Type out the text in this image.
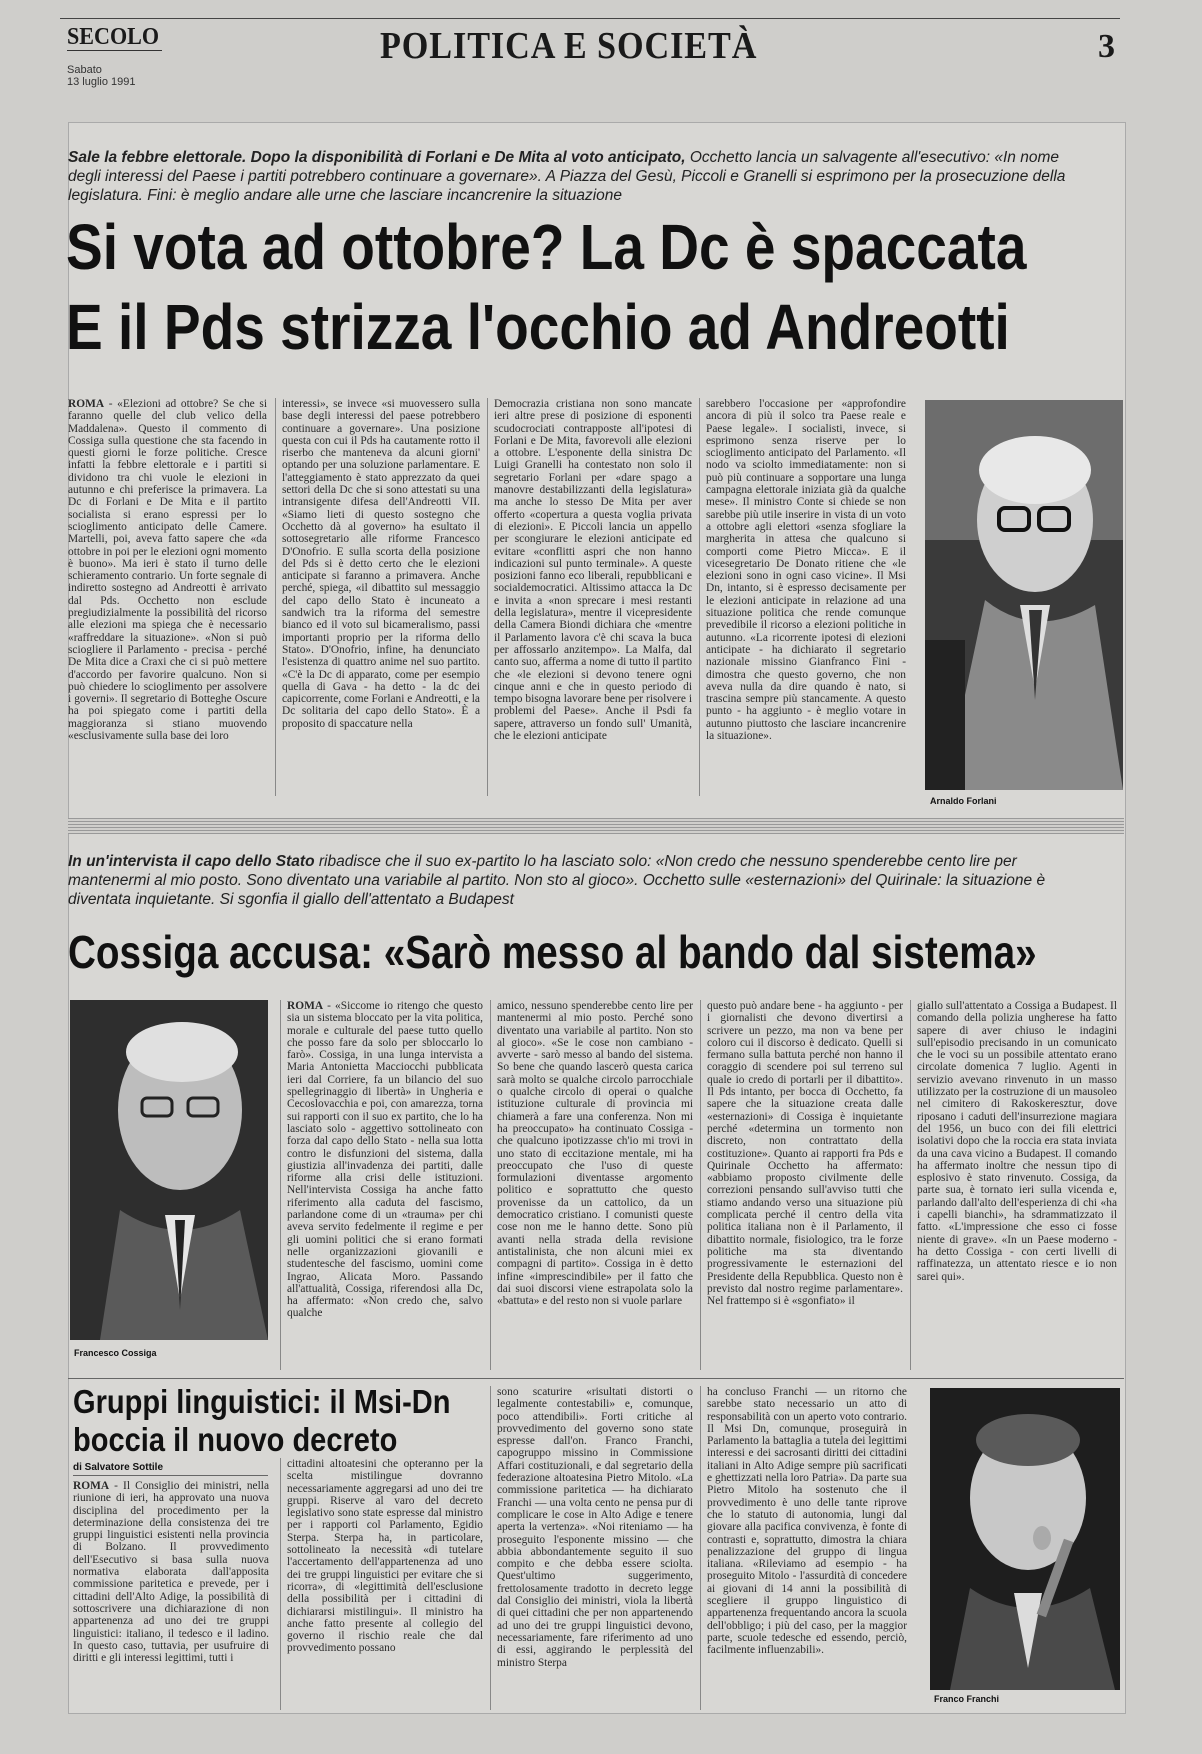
SECOLO
Sabato
13 luglio 1991
POLITICA E SOCIETÀ	3
Sale la febbre elettorale. Dopo la disponibilità di Forlani e De Mita al voto anticipato, Occhetto lancia un salvagente all'esecutivo: «In nome degli interessi del Paese i partiti potrebbero continuare a governare». A Piazza del Gesù, Piccoli e Granelli si esprimono per la prosecuzione della legislatura. Fini: è meglio andare alle urne che lasciare incancrenire la situazione
Si vota ad ottobre? La Dc è spaccata
E il Pds strizza l'occhio ad Andreotti
ROMA - «Elezioni ad ottobre? Se che si faranno quelle del club velico della Maddalena». Questo il commento di Cossiga sulla questione che sta facendo in questi giorni le forze politiche. Cresce infatti la febbre elettorale e i partiti si dividono tra chi vuole le elezioni in autunno e chi preferisce la primavera. La Dc di Forlani e De Mita e il partito socialista si erano espressi per lo scioglimento anticipato delle Camere. Martelli, poi, aveva fatto sapere che «da ottobre in poi per le elezioni ogni momento è buono». Ma ieri è stato il turno delle schieramento contrario. Un forte segnale di indiretto sostegno ad Andreotti è arrivato dal Pds. Occhetto non esclude pregiudizialmente la possibilità del ricorso alle elezioni ma spiega che è necessario «raffreddare la situazione». «Non si può sciogliere il Parlamento - precisa - perché De Mita dice a Craxi che ci si può mettere d'accordo per favorire qualcuno. Non si può chiedere lo scioglimento per assolvere i governi». Il segretario di Botteghe Oscure ha poi spiegato come i partiti della maggioranza si stiano muovendo «esclusivamente sulla base dei loro
interessi», se invece «si muovessero sulla base degli interessi del paese potrebbero continuare a governare». Una posizione questa con cui il Pds ha cautamente rotto il riserbo che manteneva da alcuni giorni' optando per una soluzione parlamentare. E l'atteggiamento è stato apprezzato da quei settori della Dc che si sono attestati su una intransigente difesa dell'Andreotti VII. «Siamo lieti di questo sostegno che Occhetto dà al governo» ha esultato il sottosegretario alle riforme Francesco D'Onofrio. E sulla scorta della posizione del Pds si è detto certo che le elezioni anticipate si faranno a primavera. Anche perché, spiega, «il dibattito sul messaggio del capo dello Stato è incuneato a sandwich tra la riforma del semestre bianco ed il voto sul bicameralismo, passi importanti proprio per la riforma dello Stato». D'Onofrio, infine, ha denunciato l'esistenza di quattro anime nel suo partito. «C'è la Dc di apparato, come per esempio quella di Gava - ha detto - la dc dei capicorrente, come Forlani e Andreotti, e la Dc solitaria del capo dello Stato». È a proposito di spaccature nella
Democrazia cristiana non sono mancate ieri altre prese di posizione di esponenti scudocrociati contrapposte all'ipotesi di Forlani e De Mita, favorevoli alle elezioni a ottobre. L'esponente della sinistra Dc Luigi Granelli ha contestato non solo il segretario Forlani per «dare spago a manovre destabilizzanti della legislatura» ma anche lo stesso De Mita per aver offerto «copertura a questa voglia privata di elezioni». E Piccoli lancia un appello per scongiurare le elezioni anticipate ed evitare «conflitti aspri che non hanno indicazioni sul punto terminale». A queste posizioni fanno eco liberali, repubblicani e socialdemocratici. Altissimo attacca la Dc e invita a «non sprecare i mesi restanti della legislatura», mentre il vicepresidente della Camera Biondi dichiara che «mentre il Parlamento lavora c'è chi scava la buca per affossarlo anzitempo». La Malfa, dal canto suo, afferma a nome di tutto il partito che «le elezioni si devono tenere ogni cinque anni e che in questo periodo di tempo bisogna lavorare bene per risolvere i problemi del Paese». Anche il Psdi fa sapere, attraverso un fondo sull' Umanità, che le elezioni anticipate
sarebbero l'occasione per «approfondire ancora di più il solco tra Paese reale e Paese legale». I socialisti, invece, si esprimono senza riserve per lo scioglimento anticipato del Parlamento. «Il nodo va sciolto immediatamente: non si può più continuare a sopportare una lunga campagna elettorale iniziata già da qualche mese». Il ministro Conte si chiede se non sarebbe più utile inserire in vista di un voto a ottobre agli elettori «senza sfogliare la margherita in attesa che qualcuno si comporti come Pietro Micca». E il vicesegretario De Donato ritiene che «le elezioni sono in ogni caso vicine». Il Msi Dn, intanto, si è espresso decisamente per le elezioni anticipate in relazione ad una situazione politica che rende comunque prevedibile il ricorso a elezioni politiche in autunno. «La ricorrente ipotesi di elezioni anticipate - ha dichiarato il segretario nazionale missino Gianfranco Fini - dimostra che questo governo, che non aveva nulla da dire quando è nato, si trascina sempre più stancamente. A questo punto - ha aggiunto - è meglio votare in autunno piuttosto che lasciare incancrenire la situazione».
Arnaldo Forlani
In un'intervista il capo dello Stato ribadisce che il suo ex-partito lo ha lasciato solo: «Non credo che nessuno spenderebbe cento lire per mantenermi al mio posto. Sono diventato una variabile al partito. Non sto al gioco». Occhetto sulle «esternazioni» del Quirinale: la situazione è diventata inquietante. Si sgonfia il giallo dell'attentato a Budapest
Cossiga accusa: «Sarò messo al bando dal sistema»
Francesco Cossiga
ROMA - «Siccome io ritengo che questo sia un sistema bloccato per la vita politica, morale e culturale del paese tutto quello che posso fare da solo per sbloccarlo lo farò». Cossiga, in una lunga intervista a Maria Antonietta Macciocchi pubblicata ieri dal Corriere, fa un bilancio del suo spellegrinaggio di libertà» in Ungheria e Cecoslovacchia e poi, con amarezza, torna sui rapporti con il suo ex partito, che lo ha lasciato solo - aggettivo sottolineato con forza dal capo dello Stato - nella sua lotta contro le disfunzioni del sistema, dalla giustizia all'invadenza dei partiti, dalle riforme alla crisi delle istituzioni. Nell'intervista Cossiga ha anche fatto riferimento alla caduta del fascismo, parlandone come di un «trauma» per chi aveva servito fedelmente il regime e per gli uomini politici che si erano formati nelle organizzazioni giovanili e studentesche del fascismo, uomini come Ingrao, Alicata Moro. Passando all'attualità, Cossiga, riferendosi alla Dc, ha affermato: «Non credo che, salvo qualche
amico, nessuno spenderebbe cento lire per mantenermi al mio posto. Perché sono diventato una variabile al partito. Non sto al gioco». «Se le cose non cambiano - avverte - sarò messo al bando del sistema. So bene che quando lascerò questa carica sarà molto se qualche circolo parrocchiale o qualche circolo di operai o qualche istituzione culturale di provincia mi chiamerà a fare una conferenza. Non mi ha preoccupato» ha continuato Cossiga - che qualcuno ipotizzasse ch'io mi trovi in uno stato di eccitazione mentale, mi ha preoccupato che l'uso di queste formulazioni diventasse argomento politico e soprattutto che questo provenisse da un cattolico, da un democratico cristiano. I comunisti queste cose non me le hanno dette. Sono più avanti nella strada della revisione antistalinista, che non alcuni miei ex compagni di partito». Cossiga in è detto infine «imprescindibile» per il fatto che dai suoi discorsi viene estrapolata solo la «battuta» e del resto non si vuole parlare
questo può andare bene - ha aggiunto - per i giornalisti che devono divertirsi a scrivere un pezzo, ma non va bene per coloro cui il discorso è dedicato. Quelli si fermano sulla battuta perché non hanno il coraggio di scendere poi sul terreno sul quale io credo di portarli per il dibattito». Il Pds intanto, per bocca di Occhetto, fa sapere che la situazione creata dalle «esternazioni» di Cossiga è inquietante perché «determina un tormento non discreto, non contrattato della costituzione». Quanto ai rapporti fra Pds e Quirinale Occhetto ha affermato: «abbiamo proposto civilmente delle correzioni pensando sull'avviso tutti che stiamo andando verso una situazione più complicata perché il centro della vita politica italiana non è il Parlamento, il dibattito normale, fisiologico, tra le forze politiche ma sta diventando progressivamente le esternazioni del Presidente della Repubblica. Questo non è previsto dal nostro regime parlamentare». Nel frattempo si è «sgonfiato» il
giallo sull'attentato a Cossiga a Budapest. Il comando della polizia ungherese ha fatto sapere di aver chiuso le indagini sull'episodio precisando in un comunicato che le voci su un possibile attentato erano circolate domenica 7 luglio. Agenti in servizio avevano rinvenuto in un masso utilizzato per la costruzione di un mausoleo nel cimitero di Rakoskeresztur, dove riposano i caduti dell'insurrezione magiara del 1956, un buco con dei fili elettrici isolativi dopo che la roccia era stata inviata da una cava vicino a Budapest. Il comando ha affermato inoltre che nessun tipo di esplosivo è stato rinvenuto. Cossiga, da parte sua, è tornato ieri sulla vicenda e, parlando dall'alto dell'esperienza di chi «ha i capelli bianchi», ha sdrammatizzato il fatto. «L'impressione che esso ci fosse niente di grave». «In un Paese moderno - ha detto Cossiga - con certi livelli di raffinatezza, un attentato riesce e io non sarei qui».
Gruppi linguistici: il Msi-Dn
boccia il nuovo decreto
di Salvatore Sottile
ROMA - Il Consiglio dei ministri, nella riunione di ieri, ha approvato una nuova disciplina del procedimento per la determinazione della consistenza dei tre gruppi linguistici esistenti nella provincia di Bolzano. Il provvedimento dell'Esecutivo si basa sulla nuova normativa elaborata dall'apposita commissione paritetica e prevede, per i cittadini dell'Alto Adige, la possibilità di sottoscrivere una dichiarazione di non appartenenza ad uno dei tre gruppi linguistici: italiano, il tedesco e il ladino. In questo caso, tuttavia, per usufruire di diritti e gli interessi legittimi, tutti i
cittadini altoatesini che opteranno per la scelta mistilingue dovranno necessariamente aggregarsi ad uno dei tre gruppi. Riserve al varo del decreto legislativo sono state espresse dal ministro per i rapporti col Parlamento, Egidio Sterpa. Sterpa ha, in particolare, sottolineato la necessità «di tutelare l'accertamento dell'appartenenza ad uno dei tre gruppi linguistici per evitare che si ricorra», di «legittimità dell'esclusione della possibilità per i cittadini di dichiararsi mistilingui». Il ministro ha anche fatto presente al collegio del governo il rischio reale che dal provvedimento possano
sono scaturire «risultati distorti o legalmente contestabili» e, comunque, poco attendibili». Forti critiche al provvedimento del governo sono state espresse dall'on. Franco Franchi, capogruppo missino in Commissione Affari costituzionali, e dal segretario della federazione altoatesina Pietro Mitolo. «La commissione paritetica — ha dichiarato Franchi — una volta cento ne pensa pur di complicare le cose in Alto Adige e tenere aperta la vertenza». «Noi riteniamo — ha proseguito l'esponente missino — che abbia abbondantemente seguito il suo compito e che debba essere sciolta. Quest'ultimo suggerimento, frettolosamente tradotto in decreto legge dal Consiglio dei ministri, viola la libertà di quei cittadini che per non appartenendo ad uno dei tre gruppi linguistici devono, necessariamente, fare riferimento ad uno di essi, aggirando le perplessità del ministro Sterpa
ha concluso Franchi — un ritorno che sarebbe stato necessario un atto di responsabilità con un aperto voto contrario. Il Msi Dn, comunque, proseguirà in Parlamento la battaglia a tutela dei legittimi interessi e dei sacrosanti diritti dei cittadini italiani in Alto Adige sempre più sacrificati e ghettizzati nella loro Patria». Da parte sua Pietro Mitolo ha sostenuto che il provvedimento è uno delle tante riprove che lo statuto di autonomia, lungi dal giovare alla pacifica convivenza, è fonte di contrasti e, soprattutto, dimostra la chiara penalizzazione del gruppo di lingua italiana. «Rileviamo ad esempio - ha proseguito Mitolo - l'assurdità di concedere ai giovani di 14 anni la possibilità di scegliere il gruppo linguistico di appartenenza frequentando ancora la scuola dell'obbligo; i più del caso, per la maggior parte, scuole tedesche ed essendo, perciò, facilmente influenzabili».
Franco Franchi
